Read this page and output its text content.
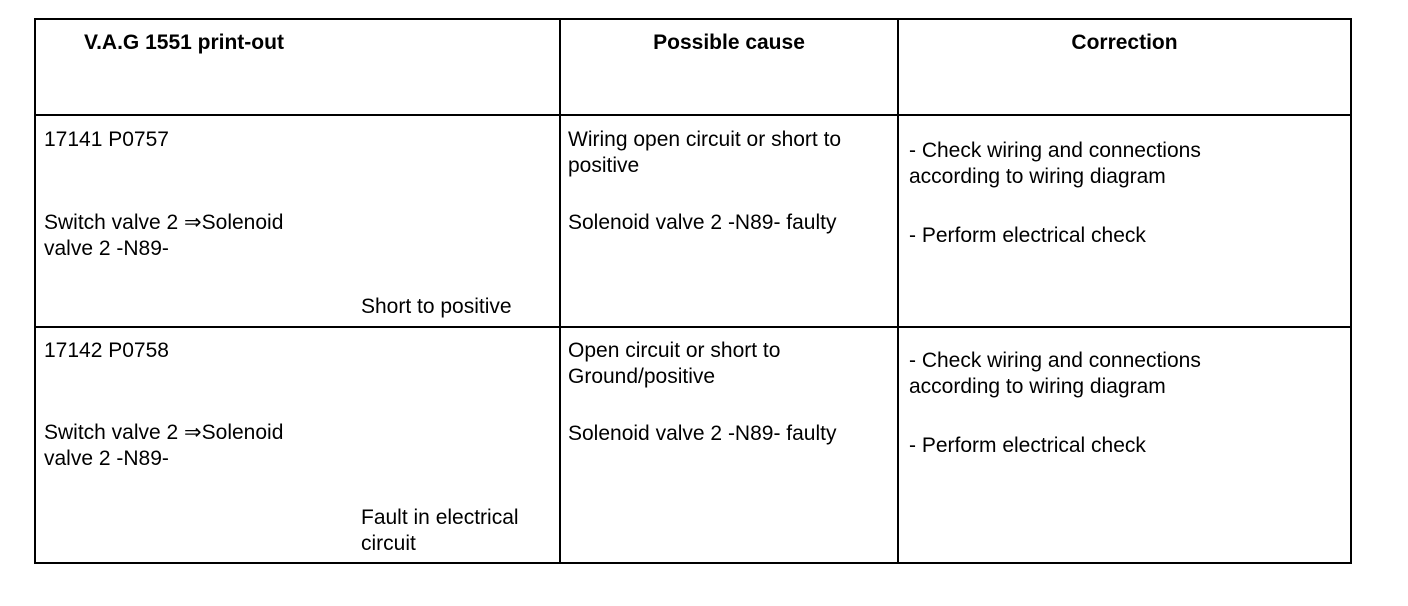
V.A.G 1551 print-out	Possible cause	Correction
17141 P0757
Switch valve 2 ⇒Solenoid
valve 2 -N89-
Short to positive
Wiring open circuit or short to
positive
Solenoid valve 2 -N89- faulty
- Check wiring and connections
according to wiring diagram
- Perform electrical check
17142 P0758
Switch valve 2 ⇒Solenoid
valve 2 -N89-
Fault in electrical
circuit
Open circuit or short to
Ground/positive
Solenoid valve 2 -N89- faulty
- Check wiring and connections
according to wiring diagram
- Perform electrical check
